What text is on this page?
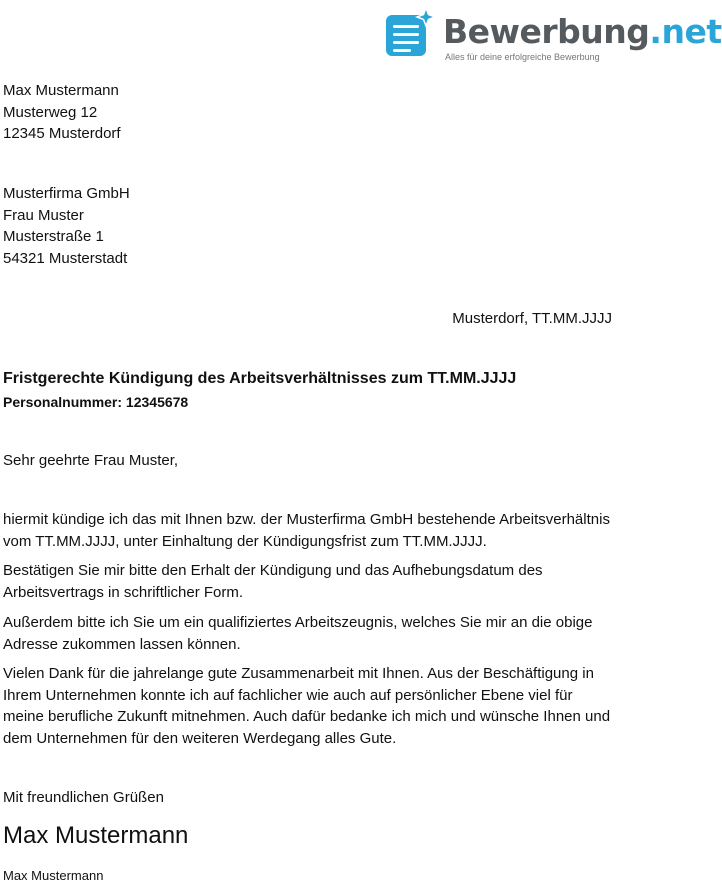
Bewerbung.net
Alles für deine erfolgreiche Bewerbung
Max Mustermann
Musterweg 12
12345 Musterdorf
Musterfirma GmbH
Frau Muster
Musterstraße 1
54321 Musterstadt
Musterdorf, TT.MM.JJJJ
Fristgerechte Kündigung des Arbeitsverhältnisses zum TT.MM.JJJJ
Personalnummer: 12345678
Sehr geehrte Frau Muster,
hiermit kündige ich das mit Ihnen bzw. der Musterfirma GmbH bestehende Arbeitsverhältnis
vom TT.MM.JJJJ, unter Einhaltung der Kündigungsfrist zum TT.MM.JJJJ.
Bestätigen Sie mir bitte den Erhalt der Kündigung und das Aufhebungsdatum des
Arbeitsvertrags in schriftlicher Form.
Außerdem bitte ich Sie um ein qualifiziertes Arbeitszeugnis, welches Sie mir an die obige
Adresse zukommen lassen können.
Vielen Dank für die jahrelange gute Zusammenarbeit mit Ihnen. Aus der Beschäftigung in
Ihrem Unternehmen konnte ich auf fachlicher wie auch auf persönlicher Ebene viel für
meine berufliche Zukunft mitnehmen. Auch dafür bedanke ich mich und wünsche Ihnen und
dem Unternehmen für den weiteren Werdegang alles Gute.
Mit freundlichen Grüßen
Max Mustermann
Max Mustermann
